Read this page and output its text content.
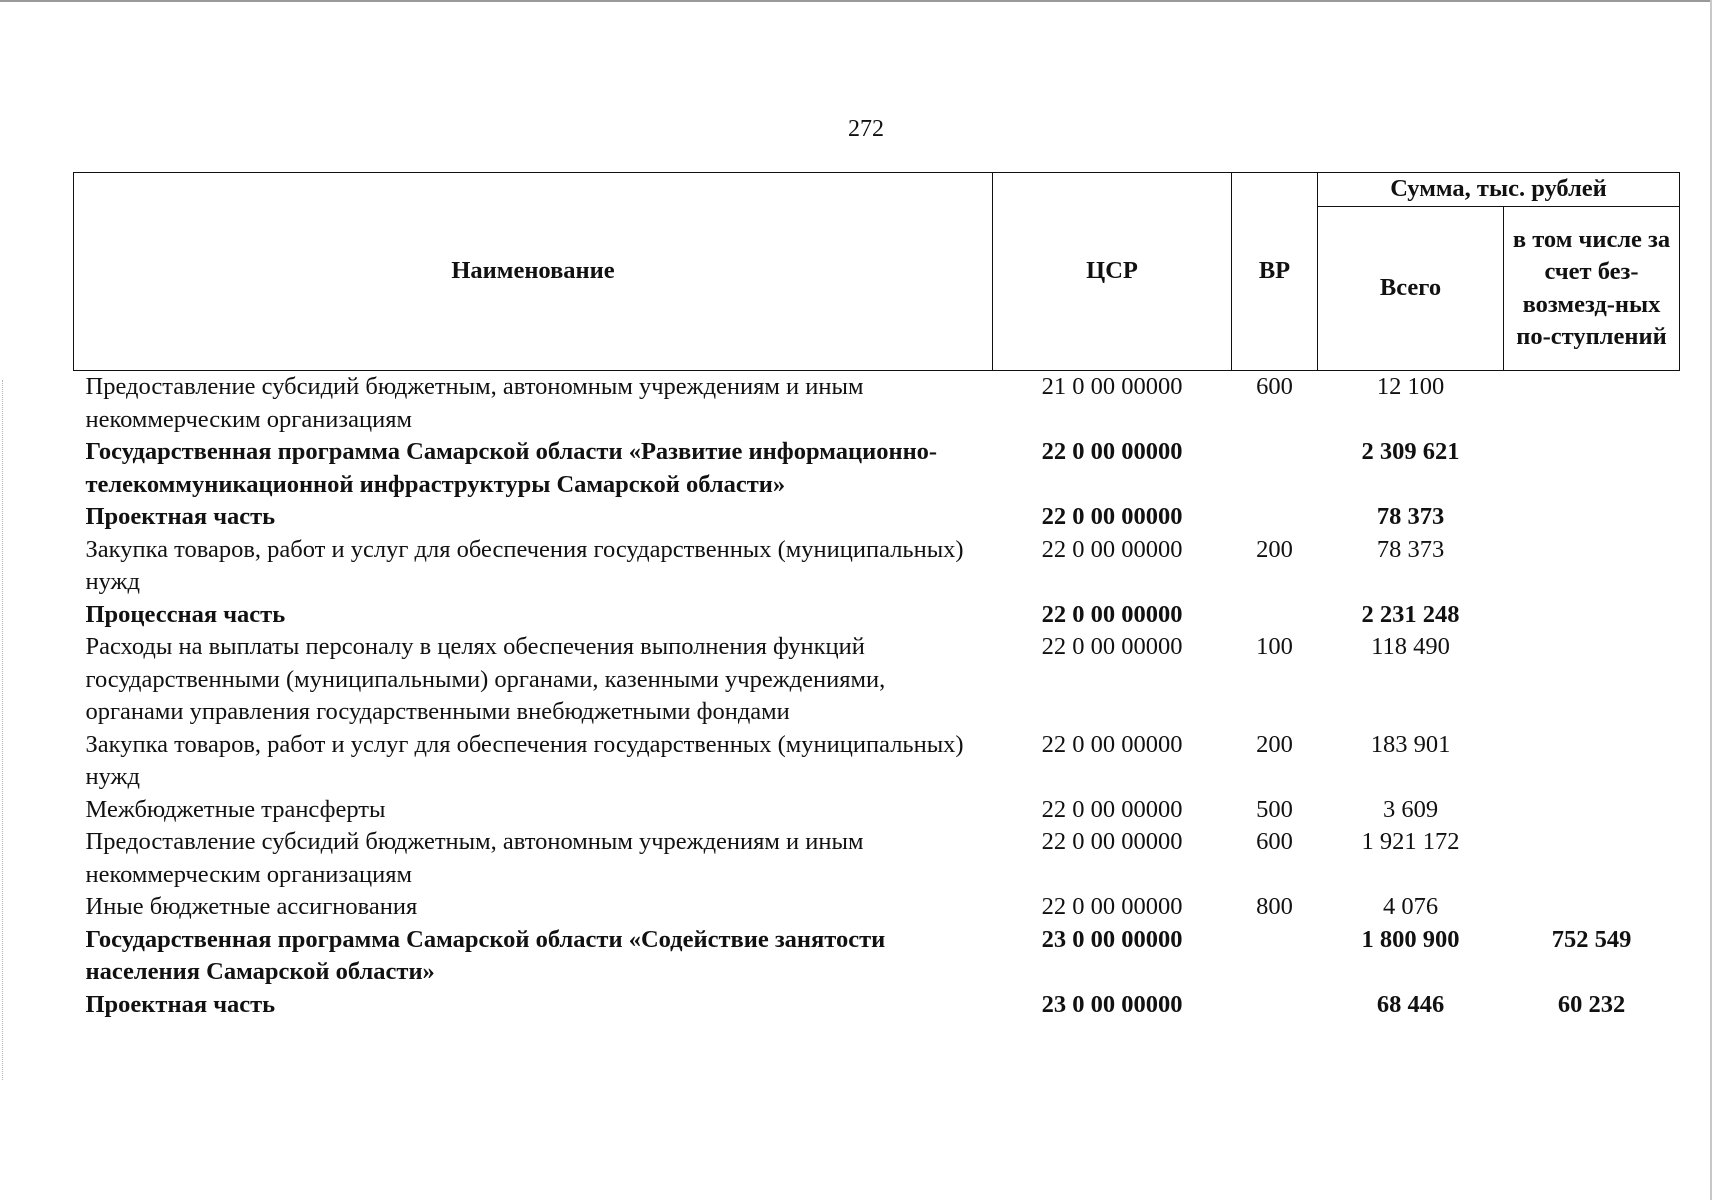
272
Наименование	ЦСР	ВР	Сумма, тыс. рублей	
			Всего	в том числе за счет без-возмезд-ных по-ступлений
Предоставление субсидий бюджетным, автономным учреждениям и иным некоммерческим организациям	21 0 00 00000	600	12 100	
Государственная программа Самарской области «Развитие информационно-телекоммуникационной инфраструктуры Самарской области»	22 0 00 00000		2 309 621	
Проектная часть	22 0 00 00000		78 373	
Закупка товаров, работ и услуг для обеспечения государственных (муниципальных) нужд	22 0 00 00000	200	78 373	
Процессная часть	22 0 00 00000		2 231 248	
Расходы на выплаты персоналу в целях обеспечения выполнения функций государственными (муниципальными) органами, казенными учреждениями, органами управления государственными внебюджетными фондами	22 0 00 00000	100	118 490	
Закупка товаров, работ и услуг для обеспечения государственных (муниципальных) нужд	22 0 00 00000	200	183 901	
Межбюджетные трансферты	22 0 00 00000	500	3 609	
Предоставление субсидий бюджетным, автономным учреждениям и иным некоммерческим организациям	22 0 00 00000	600	1 921 172	
Иные бюджетные ассигнования	22 0 00 00000	800	4 076	
Государственная программа Самарской области «Содействие занятости населения Самарской области»	23 0 00 00000		1 800 900	752 549
Проектная часть	23 0 00 00000		68 446	60 232
